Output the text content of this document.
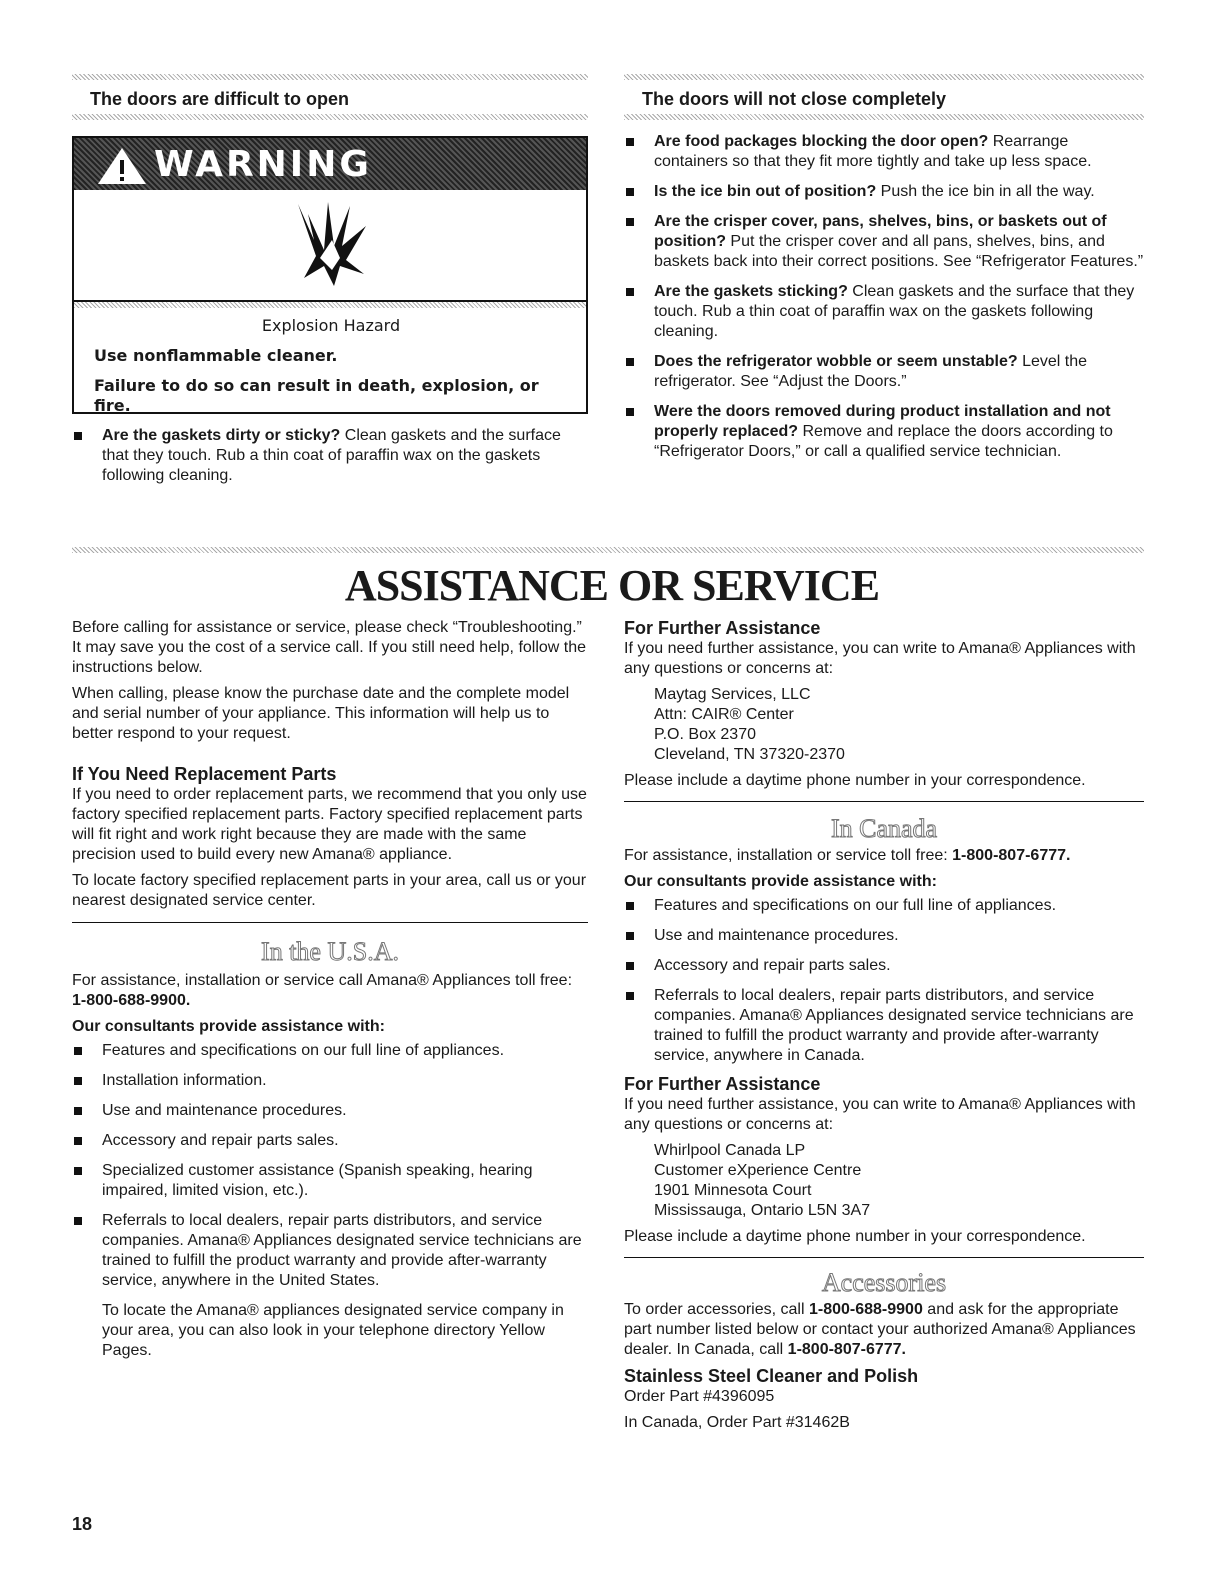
The doors are difficult to open
WARNING
Explosion Hazard
Use nonflammable cleaner.
Failure to do so can result in death, explosion, or fire.
Are the gaskets dirty or sticky? Clean gaskets and the surface that they touch. Rub a thin coat of paraffin wax on the gaskets following cleaning.
The doors will not close completely
Are food packages blocking the door open? Rearrange containers so that they fit more tightly and take up less space.
Is the ice bin out of position? Push the ice bin in all the way.
Are the crisper cover, pans, shelves, bins, or baskets out of position? Put the crisper cover and all pans, shelves, bins, and baskets back into their correct positions. See “Refrigerator Features.”
Are the gaskets sticking? Clean gaskets and the surface that they touch. Rub a thin coat of paraffin wax on the gaskets following cleaning.
Does the refrigerator wobble or seem unstable? Level the refrigerator. See “Adjust the Doors.”
Were the doors removed during product installation and not properly replaced? Remove and replace the doors according to “Refrigerator Doors,” or call a qualified service technician.
ASSISTANCE OR SERVICE

Before calling for assistance or service, please check “Troubleshooting.” It may save you the cost of a service call. If you still need help, follow the instructions below.

When calling, please know the purchase date and the complete model and serial number of your appliance. This information will help us to better respond to your request.

If You Need Replacement Parts

If you need to order replacement parts, we recommend that you only use factory specified replacement parts. Factory specified replacement parts will fit right and work right because they are made with the same precision used to build every new Amana® appliance.

To locate factory specified replacement parts in your area, call us or your nearest designated service center.

In the U.S.A.

For assistance, installation or service call Amana® Appliances toll free: 1-800-688-9900.

Our consultants provide assistance with:

Features and specifications on our full line of appliances.
Installation information.
Use and maintenance procedures.
Accessory and repair parts sales.
Specialized customer assistance (Spanish speaking, hearing impaired, limited vision, etc.).
Referrals to local dealers, repair parts distributors, and service companies. Amana® Appliances designated service technicians are trained to fulfill the product warranty and provide after-warranty service, anywhere in the United States.

To locate the Amana® appliances designated service company in your area, you can also look in your telephone directory Yellow Pages.

For Further Assistance

If you need further assistance, you can write to Amana® Appliances with any questions or concerns at:

Maytag Services, LLC
Attn: CAIR® Center
P.O. Box 2370
Cleveland, TN 37320-2370

Please include a daytime phone number in your correspondence.

In Canada

For assistance, installation or service toll free: 1-800-807-6777.

Our consultants provide assistance with:

Features and specifications on our full line of appliances.
Use and maintenance procedures.
Accessory and repair parts sales.
Referrals to local dealers, repair parts distributors, and service companies. Amana® Appliances designated service technicians are trained to fulfill the product warranty and provide after-warranty service, anywhere in Canada.
For Further Assistance

If you need further assistance, you can write to Amana® Appliances with any questions or concerns at:

Whirlpool Canada LP
Customer eXperience Centre
1901 Minnesota Court
Mississauga, Ontario L5N 3A7

Please include a daytime phone number in your correspondence.

Accessories

To order accessories, call 1-800-688-9900 and ask for the appropriate part number listed below or contact your authorized Amana® Appliances dealer. In Canada, call 1-800-807-6777.

Stainless Steel Cleaner and Polish

Order Part #4396095

In Canada, Order Part #31462B

18
